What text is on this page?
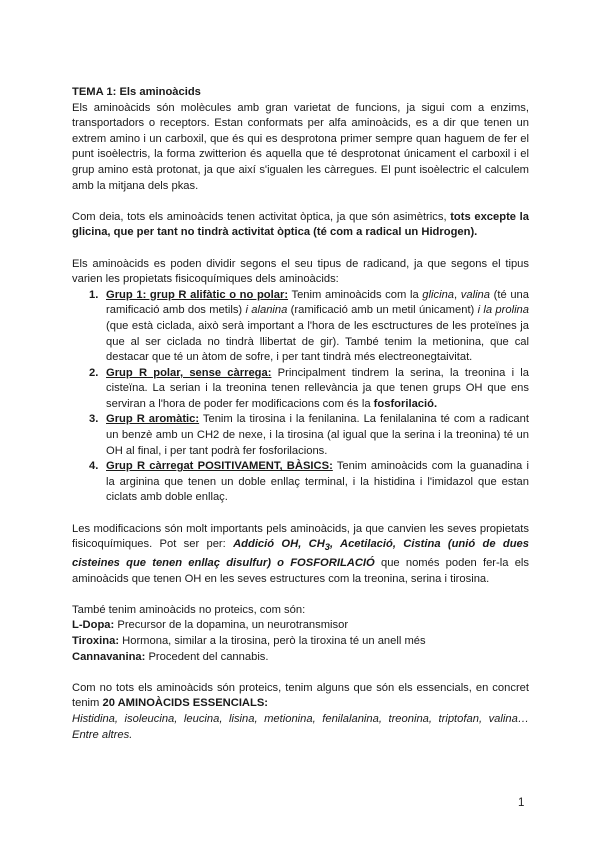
TEMA 1: Els aminoàcids

Els aminoàcids són molècules amb gran varietat de funcions, ja sigui com a enzims, transportadors o receptors. Estan conformats per alfa aminoàcids, es a dir que tenen un extrem amino i un carboxil, que és qui es desprotona primer sempre quan haguem de fer el punt isoèlectris, la forma zwitterion és aquella que té desprotonat únicament el carboxil i el grup amino està protonat, ja que així s'igualen les càrregues. El punt isoèlectric el calculem amb la mitjana dels pkas.

Com deia, tots els aminoàcids tenen activitat òptica, ja que són asimètrics, tots excepte la glicina, que per tant no tindrà activitat òptica (té com a radical un Hidrogen).

Els aminoàcids es poden dividir segons el seu tipus de radicand, ja que segons el tipus varien les propietats fisicoquímiques dels aminoàcids:

1. Grup 1: grup R alifàtic o no polar: Tenim aminoàcids com la glicina, valina (té una ramificació amb dos metils) i alanina (ramificació amb un metil únicament) i la prolina (que està ciclada, això serà important a l'hora de les esctructures de les proteïnes ja que al ser ciclada no tindrà llibertat de gir). També tenim la metionina, que cal destacar que té un àtom de sofre, i per tant tindrà més electreonegtaivitat.
2. Grup R polar, sense càrrega: Principalment tindrem la serina, la treonina i la cisteïna. La serian i la treonina tenen rellevància ja que tenen grups OH que ens serviran a l'hora de poder fer modificacions com és la fosforilació.
3. Grup R aromàtic: Tenim la tirosina i la fenilanina. La fenilalanina té com a radicant un benzè amb un CH2 de nexe, i la tirosina (al igual que la serina i la treonina) té un OH al final, i per tant podrà fer fosforilacions.
4. Grup R càrregat POSITIVAMENT, BÀSICS: Tenim aminoàcids com la guanadina i la arginina que tenen un doble enllaç terminal, i la histidina i l'imidazol que estan ciclats amb doble enllaç.

Les modificacions són molt importants pels aminoàcids, ja que canvien les seves propietats fisicoquímiques. Pot ser per: Addició OH, $CH_3$, Acetilació, Cistina (unió de dues cisteines que tenen enllaç disulfur) o FOSFORILACIÓ que només poden fer-la els aminoàcids que tenen OH en les seves estructures com la treonina, serina i tirosina.

També tenim aminoàcids no proteics, com són:

L-Dopa: Precursor de la dopamina, un neurotransmisor

Tiroxina: Hormona, similar a la tirosina, però la tiroxina té un anell més

Cannavanina: Procedent del cannabis.

Com no tots els aminoàcids són proteics, tenim alguns que són els essencials, en concret tenim 20 AMINOÀCIDS ESSENCIALS:

Histidina, isoleucina, leucina, lisina, metionina, fenilalanina, treonina, triptofan, valina… Entre altres.

1
